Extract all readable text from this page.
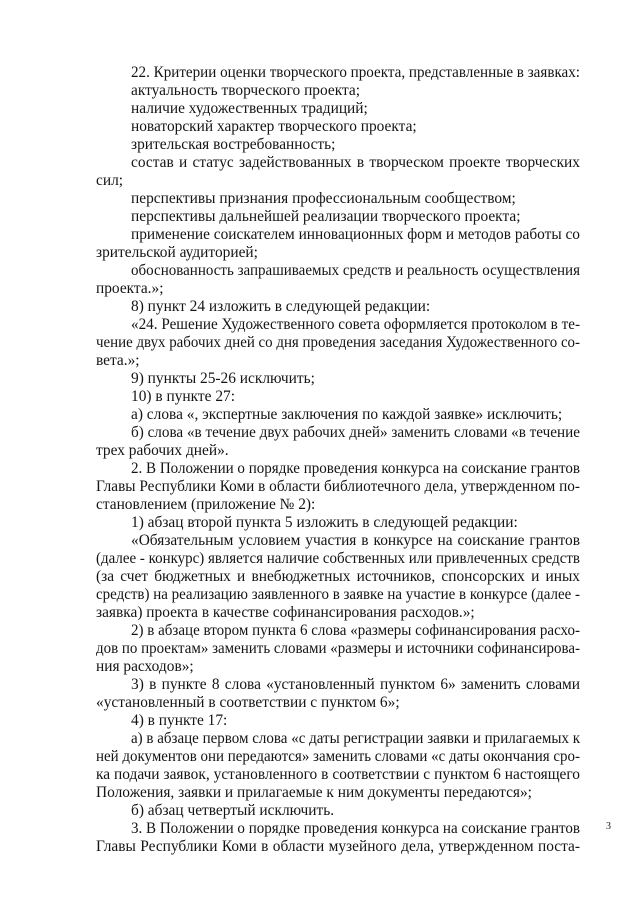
22. Критерии оценки творческого проекта, представленные в заявках:
актуальность творческого проекта;
наличие художественных традиций;
новаторский характер творческого проекта;
зрительская востребованность;
состав и статус задействованных в творческом проекте творческих
сил;
перспективы признания профессиональным сообществом;
перспективы дальнейшей реализации творческого проекта;
применение соискателем инновационных форм и методов работы со
зрительской аудиторией;
обоснованность запрашиваемых средств и реальность осуществления
проекта.»;
8) пункт 24 изложить в следующей редакции:
«24. Решение Художественного совета оформляется протоколом в те-
чение двух рабочих дней со дня проведения заседания Художественного со-
вета.»;
9) пункты 25-26 исключить;
10) в пункте 27:
а) слова «, экспертные заключения по каждой заявке» исключить;
б) слова «в течение двух рабочих дней» заменить словами «в течение
трех рабочих дней».
2. В Положении о порядке проведения конкурса на соискание грантов
Главы Республики Коми в области библиотечного дела, утвержденном по-
становлением (приложение № 2):
1) абзац второй пункта 5 изложить в следующей редакции:
«Обязательным условием участия в конкурсе на соискание грантов
(далее - конкурс) является наличие собственных или привлеченных средств
(за счет бюджетных и внебюджетных источников, спонсорских и иных
средств) на реализацию заявленного в заявке на участие в конкурсе (далее -
заявка) проекта в качестве софинансирования расходов.»;
2) в абзаце втором пункта 6 слова «размеры софинансирования расхо-
дов по проектам» заменить словами «размеры и источники софинансирова-
ния расходов»;
3) в пункте 8 слова «установленный пунктом 6» заменить словами
«установленный в соответствии с пунктом 6»;
4) в пункте 17:
а) в абзаце первом слова «с даты регистрации заявки и прилагаемых к
ней документов они передаются» заменить словами «с даты окончания сро-
ка подачи заявок, установленного в соответствии с пунктом 6 настоящего
Положения, заявки и прилагаемые к ним документы передаются»;
б) абзац четвертый исключить.
3. В Положении о порядке проведения конкурса на соискание грантов
Главы Республики Коми в области музейного дела, утвержденном поста-
3
